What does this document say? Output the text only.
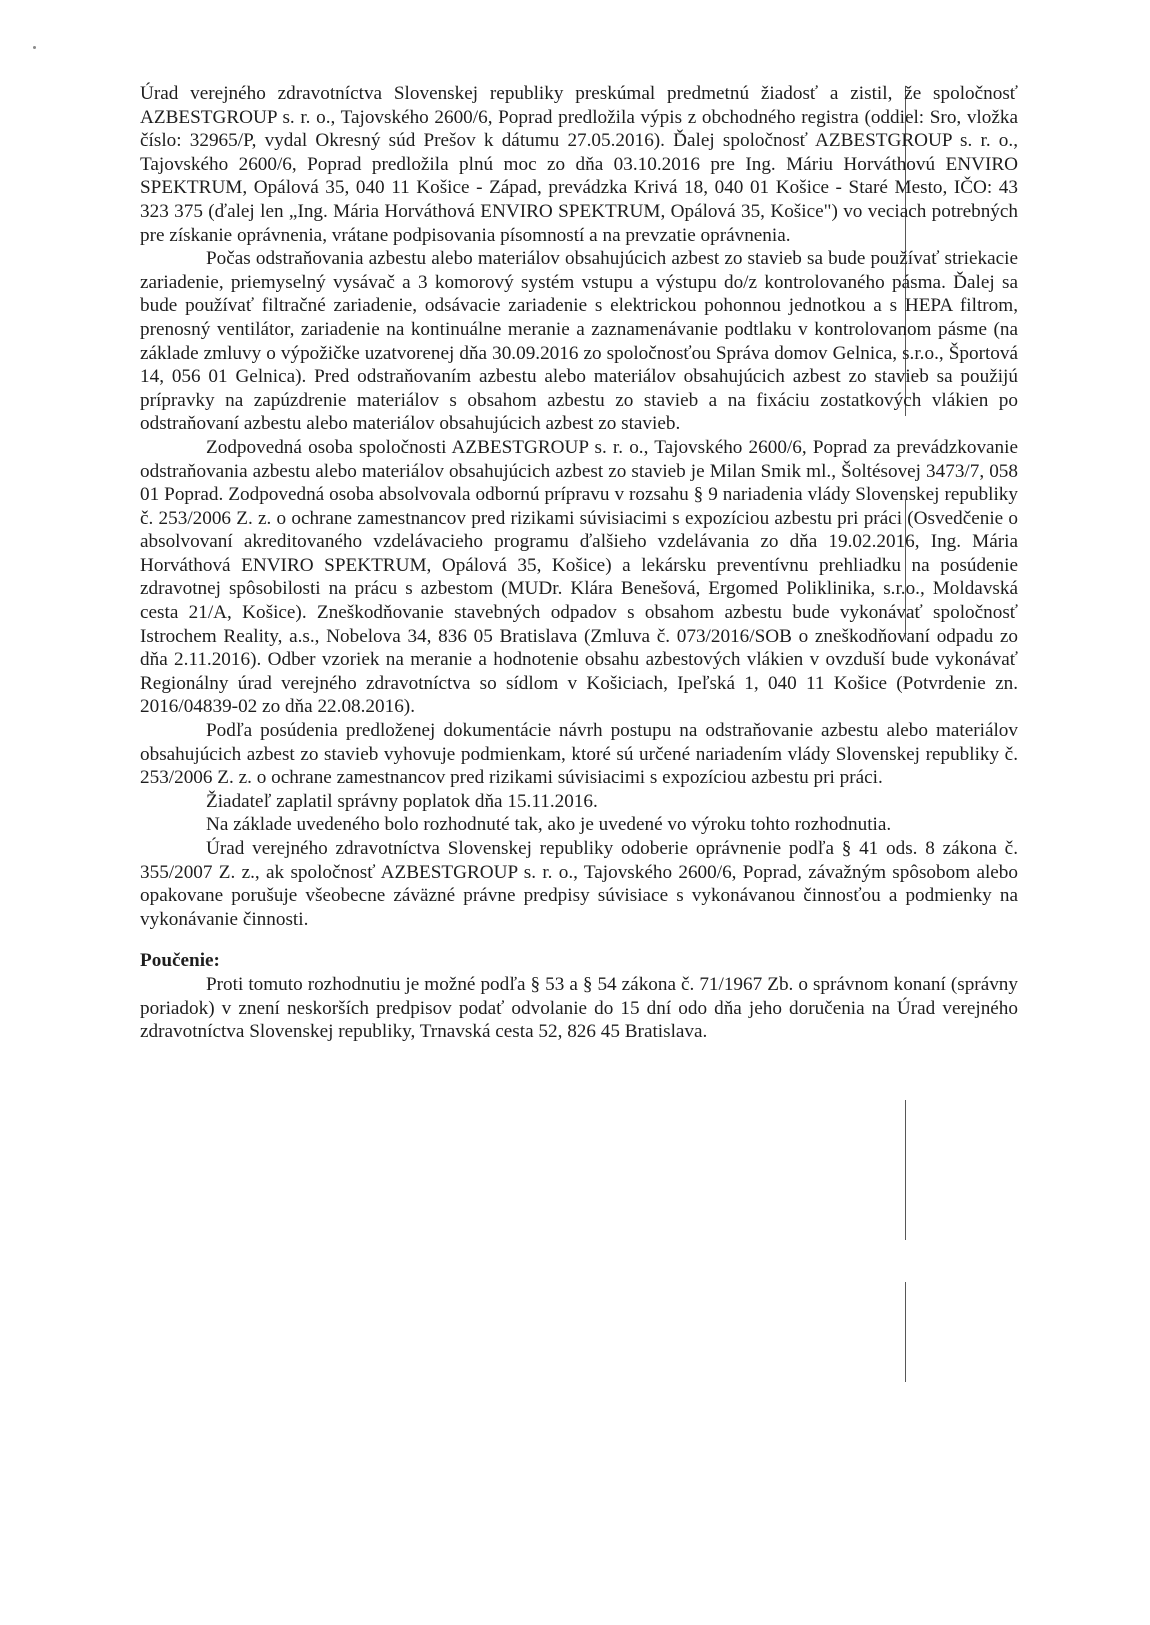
Úrad verejného zdravotníctva Slovenskej republiky preskúmal predmetnú žiadosť a zistil, že spoločnosť AZBESTGROUP s. r. o., Tajovského 2600/6, Poprad predložila výpis z obchodného registra (oddiel: Sro, vložka číslo: 32965/P, vydal Okresný súd Prešov k dátumu 27.05.2016). Ďalej spoločnosť AZBESTGROUP s. r. o., Tajovského 2600/6, Poprad predložila plnú moc zo dňa 03.10.2016 pre Ing. Máriu Horváthovú ENVIRO SPEKTRUM, Opálová 35, 040 11 Košice - Západ, prevádzka Krivá 18, 040 01 Košice - Staré Mesto, IČO: 43 323 375 (ďalej len „Ing. Mária Horváthová ENVIRO SPEKTRUM, Opálová 35, Košice") vo veciach potrebných pre získanie oprávnenia, vrátane podpisovania písomností a na prevzatie oprávnenia.

Počas odstraňovania azbestu alebo materiálov obsahujúcich azbest zo stavieb sa bude používať striekacie zariadenie, priemyselný vysávač a 3 komorový systém vstupu a výstupu do/z kontrolovaného pásma. Ďalej sa bude používať filtračné zariadenie, odsávacie zariadenie s elektrickou pohonnou jednotkou a s HEPA filtrom, prenosný ventilátor, zariadenie na kontinuálne meranie a zaznamenávanie podtlaku v kontrolovanom pásme (na základe zmluvy o výpožičke uzatvorenej dňa 30.09.2016 zo spoločnosťou Správa domov Gelnica, s.r.o., Športová 14, 056 01 Gelnica). Pred odstraňovaním azbestu alebo materiálov obsahujúcich azbest zo stavieb sa použijú prípravky na zapúzdrenie materiálov s obsahom azbestu zo stavieb a na fixáciu zostatkových vlákien po odstraňovaní azbestu alebo materiálov obsahujúcich azbest zo stavieb.

Zodpovedná osoba spoločnosti AZBESTGROUP s. r. o., Tajovského 2600/6, Poprad za prevádzkovanie odstraňovania azbestu alebo materiálov obsahujúcich azbest zo stavieb je Milan Smik ml., Šoltésovej 3473/7, 058 01 Poprad. Zodpovedná osoba absolvovala odbornú prípravu v rozsahu § 9 nariadenia vlády Slovenskej republiky č. 253/2006 Z. z. o ochrane zamestnancov pred rizikami súvisiacimi s expozíciou azbestu pri práci (Osvedčenie o absolvovaní akreditovaného vzdelávacieho programu ďalšieho vzdelávania zo dňa 19.02.2016, Ing. Mária Horváthová ENVIRO SPEKTRUM, Opálová 35, Košice) a lekársku preventívnu prehliadku na posúdenie zdravotnej spôsobilosti na prácu s azbestom (MUDr. Klára Benešová, Ergomed Poliklinika, s.r.o., Moldavská cesta 21/A, Košice). Zneškodňovanie stavebných odpadov s obsahom azbestu bude vykonávať spoločnosť Istrochem Reality, a.s., Nobelova 34, 836 05 Bratislava (Zmluva č. 073/2016/SOB o zneškodňovaní odpadu zo dňa 2.11.2016). Odber vzoriek na meranie a hodnotenie obsahu azbestových vlákien v ovzduší bude vykonávať Regionálny úrad verejného zdravotníctva so sídlom v Košiciach, Ipeľská 1, 040 11 Košice (Potvrdenie zn. 2016/04839-02 zo dňa 22.08.2016).

Podľa posúdenia predloženej dokumentácie návrh postupu na odstraňovanie azbestu alebo materiálov obsahujúcich azbest zo stavieb vyhovuje podmienkam, ktoré sú určené nariadením vlády Slovenskej republiky č. 253/2006 Z. z. o ochrane zamestnancov pred rizikami súvisiacimi s expozíciou azbestu pri práci.

Žiadateľ zaplatil správny poplatok dňa 15.11.2016.

Na základe uvedeného bolo rozhodnuté tak, ako je uvedené vo výroku tohto rozhodnutia.

Úrad verejného zdravotníctva Slovenskej republiky odoberie oprávnenie podľa § 41 ods. 8 zákona č. 355/2007 Z. z., ak spoločnosť AZBESTGROUP s. r. o., Tajovského 2600/6, Poprad, závažným spôsobom alebo opakovane porušuje všeobecne záväzné právne predpisy súvisiace s vykonávanou činnosťou a podmienky na vykonávanie činnosti.

Poučenie:

Proti tomuto rozhodnutiu je možné podľa § 53 a § 54 zákona č. 71/1967 Zb. o správnom konaní (správny poriadok) v znení neskorších predpisov podať odvolanie do 15 dní odo dňa jeho doručenia na Úrad verejného zdravotníctva Slovenskej republiky, Trnavská cesta 52, 826 45 Bratislava.
